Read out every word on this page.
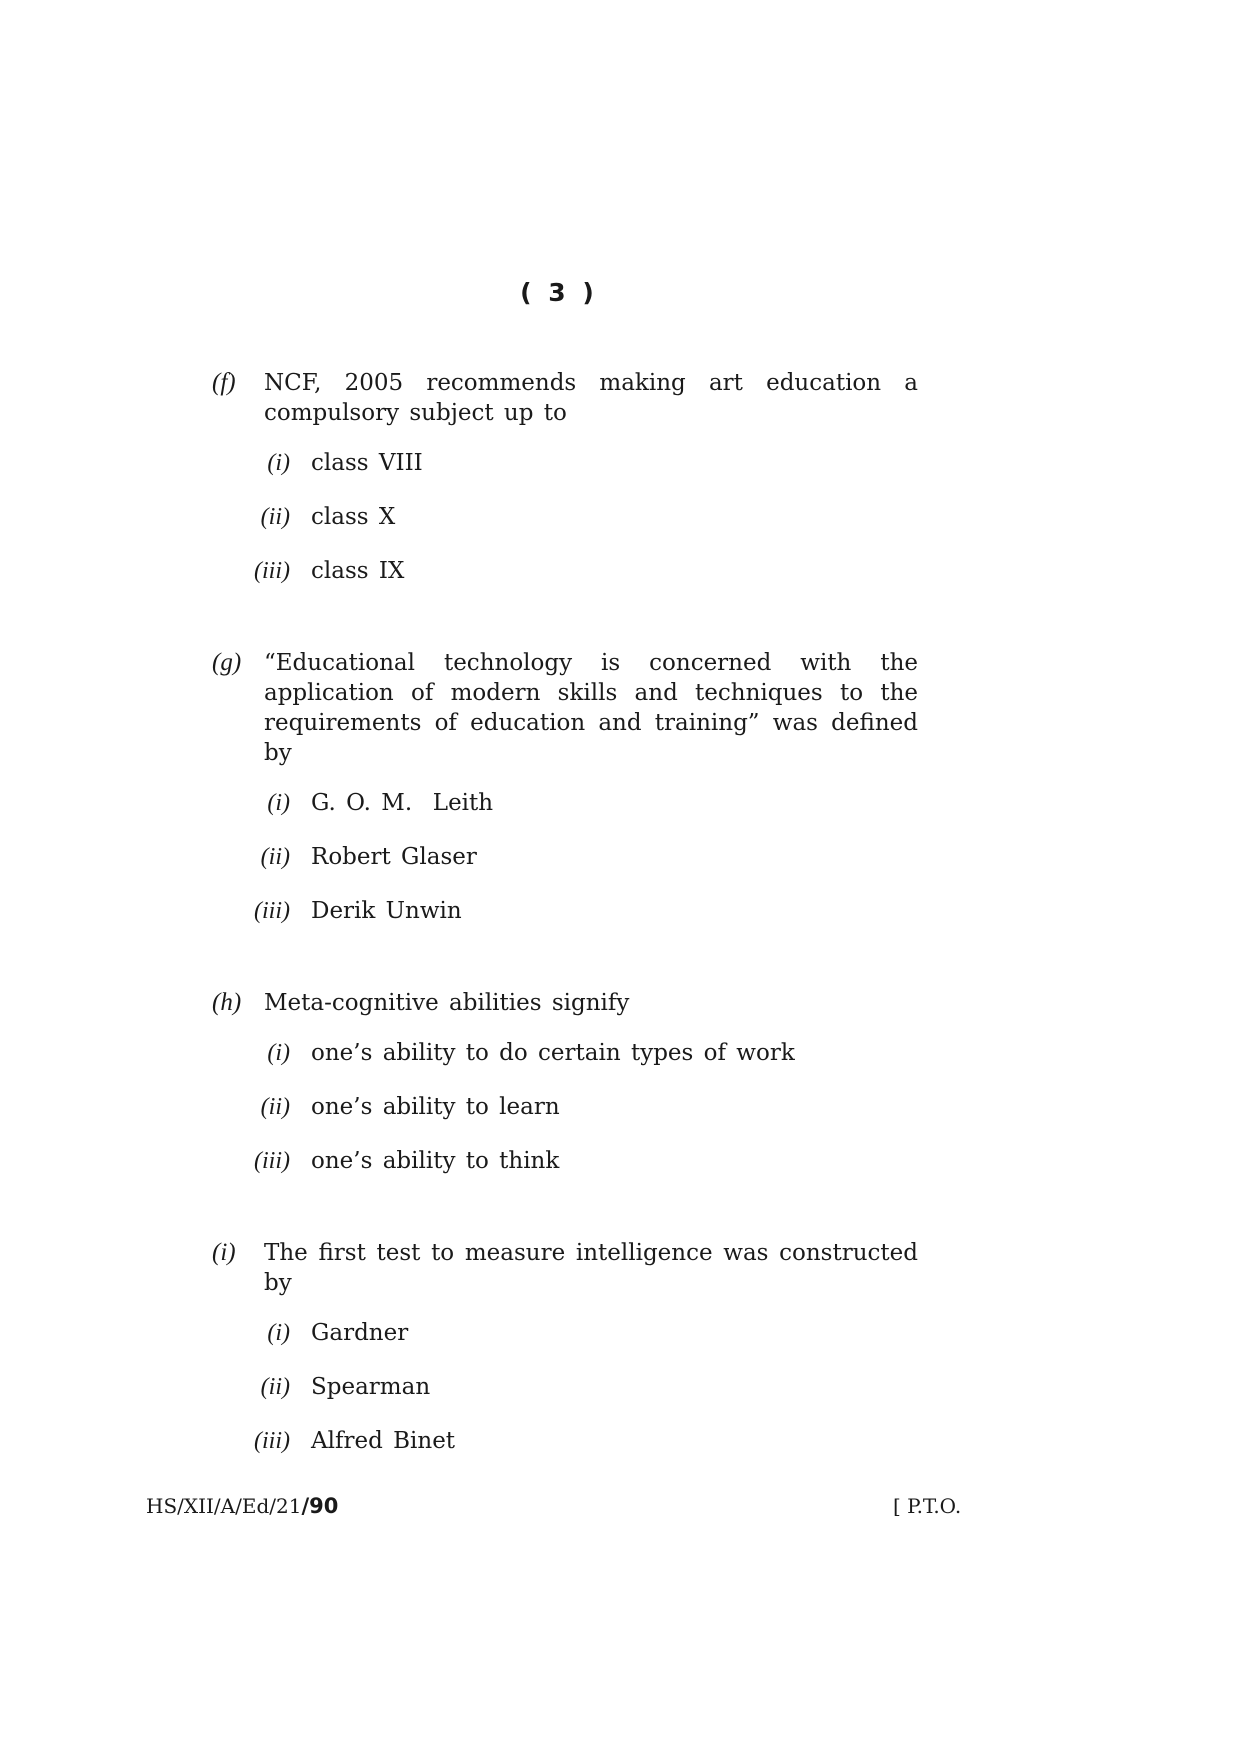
( 3 )
(f) NCF, 2005 recommends making art education a compulsory subject up to
(i) class VIII
(ii) class X
(iii) class IX
(g) “Educational technology is concerned with the application of modern skills and techniques to the requirements of education and training” was defined by
(i) G. O. M.  Leith
(ii) Robert Glaser
(iii) Derik Unwin
(h) Meta-cognitive abilities signify
(i) one’s ability to do certain types of work
(ii) one’s ability to learn
(iii) one’s ability to think
(i) The first test to measure intelligence was constructed by
(i) Gardner
(ii) Spearman
(iii) Alfred Binet
HS/XII/A/Ed/21/90	[ P.T.O.
